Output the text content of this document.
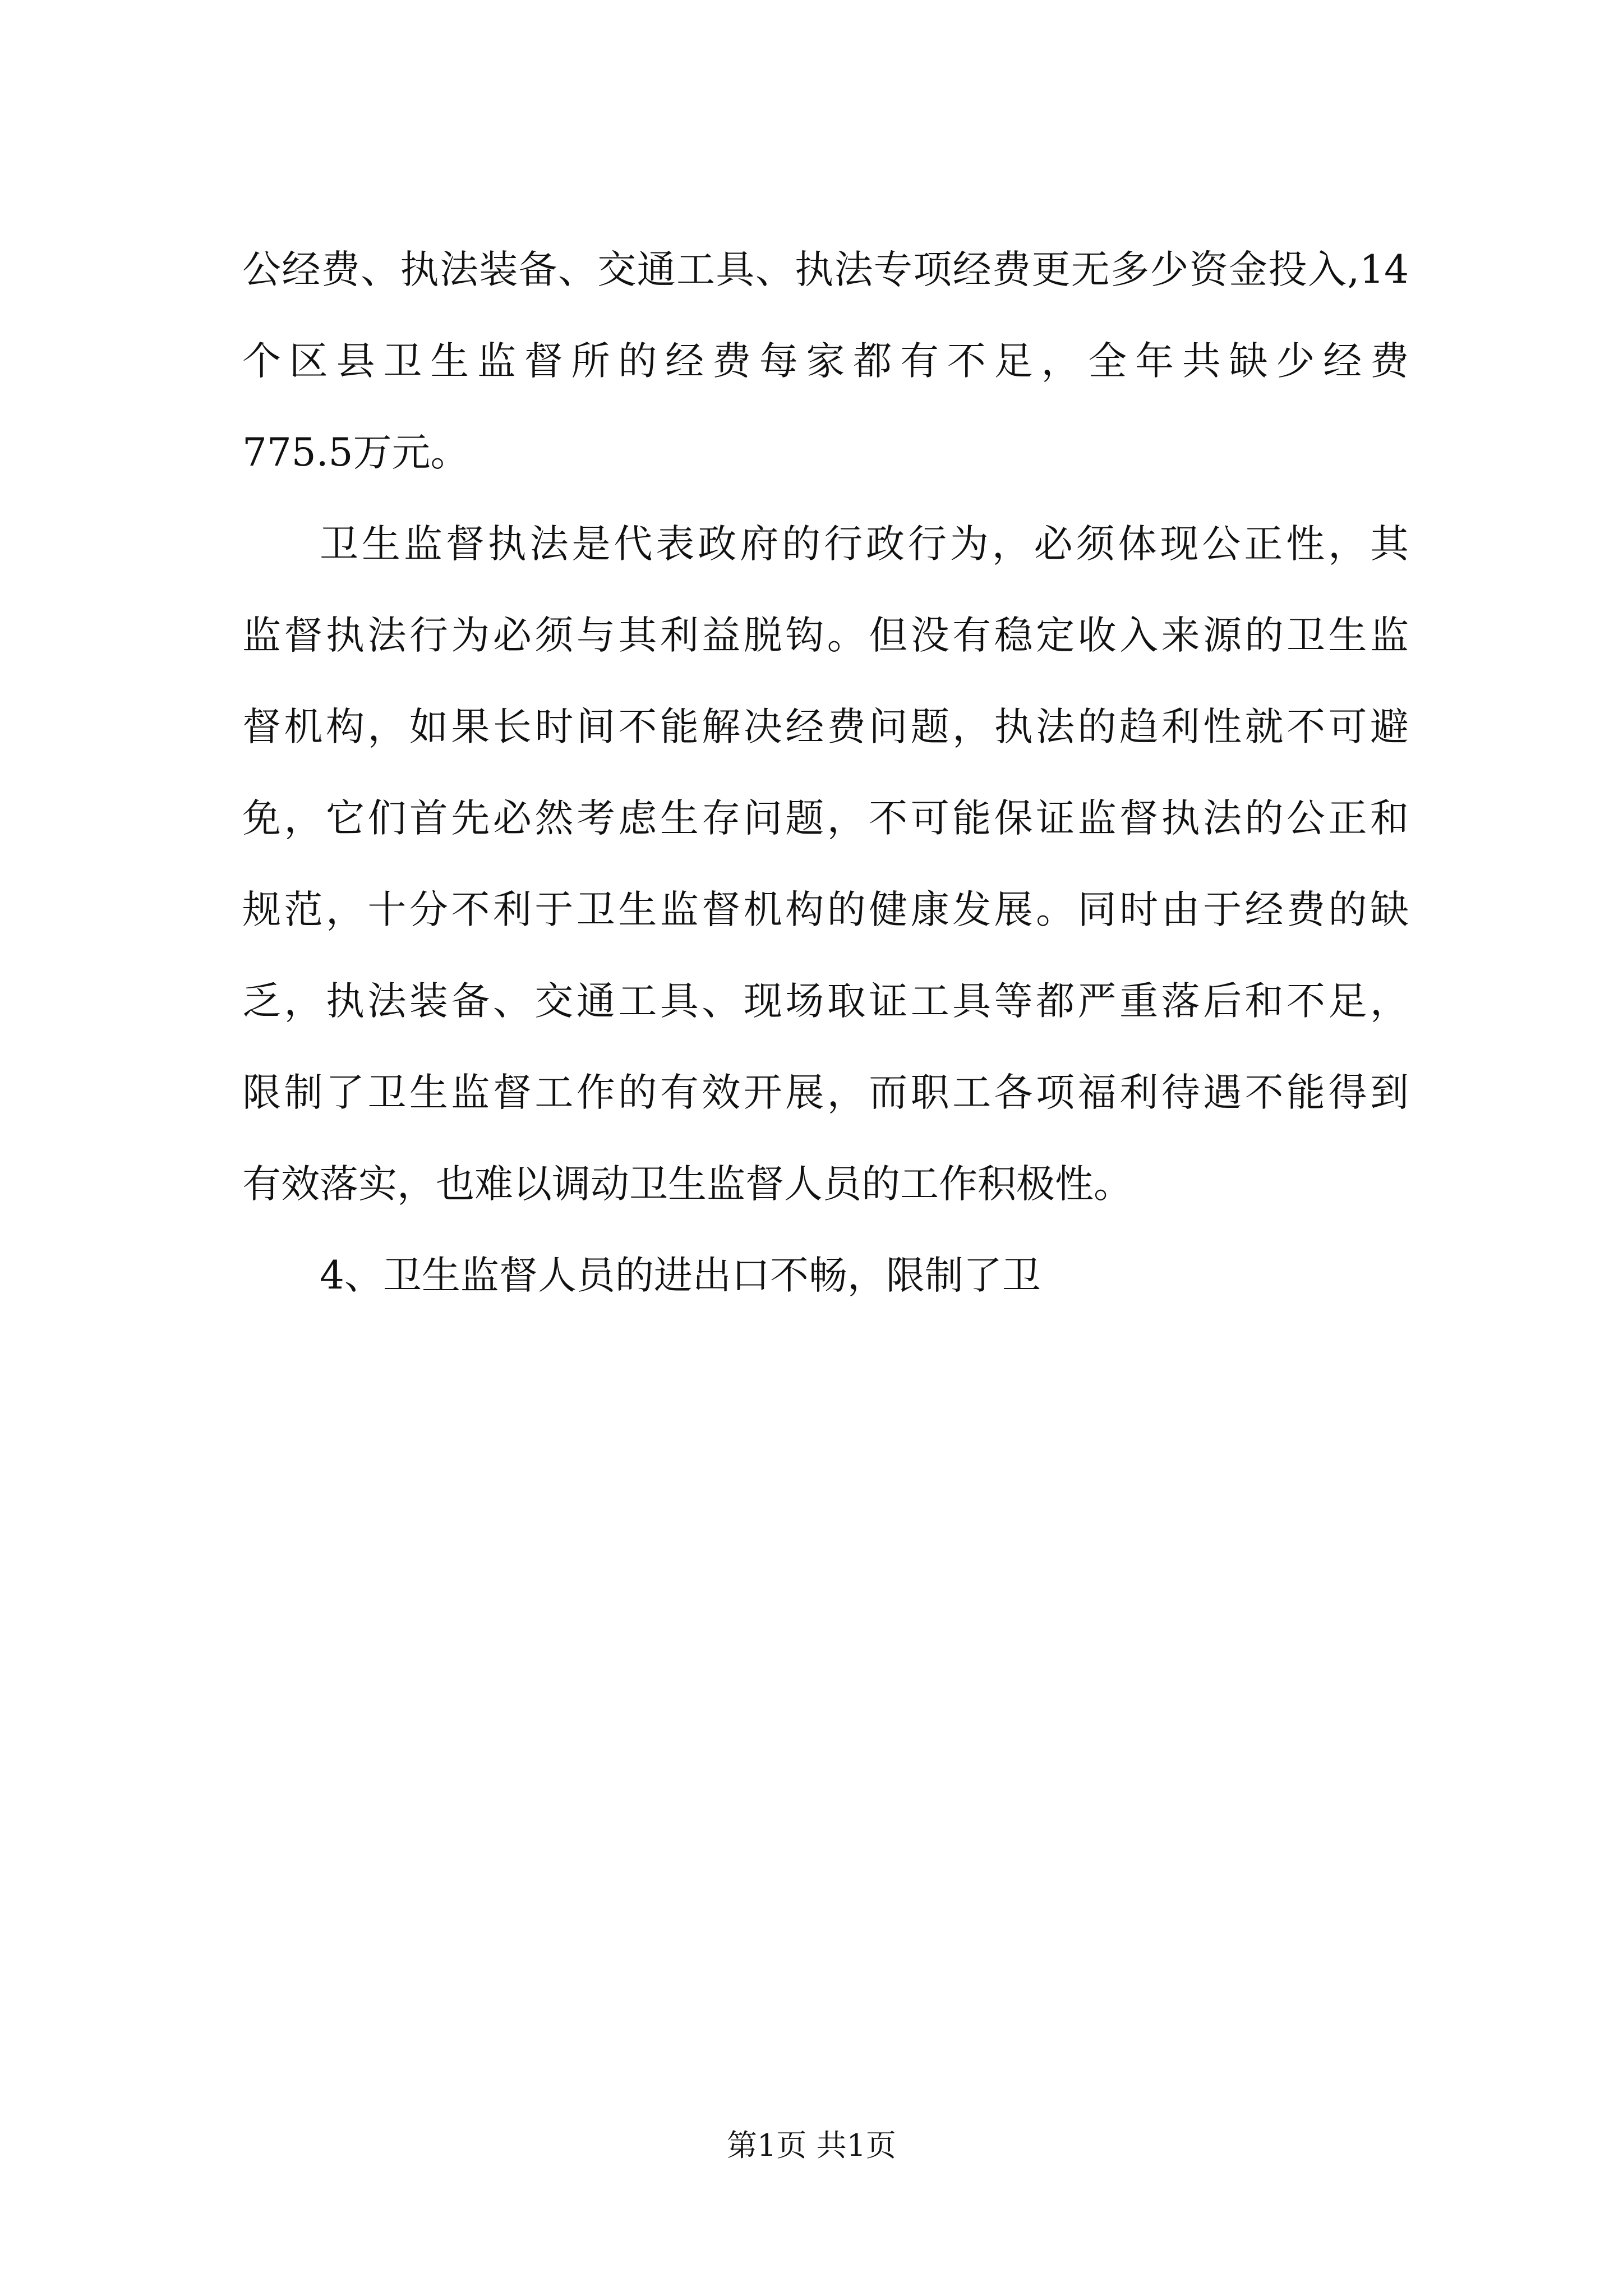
公经费、执法装备、交通工具、执法专项经费更无多少资金投入,14
个区县卫生监督所的经费每家都有不足，全年共缺少经费
775.5万元。
卫生监督执法是代表政府的行政行为，必须体现公正性，其
监督执法行为必须与其利益脱钩。但没有稳定收入来源的卫生监
督机构，如果长时间不能解决经费问题，执法的趋利性就不可避
免，它们首先必然考虑生存问题，不可能保证监督执法的公正和
规范，十分不利于卫生监督机构的健康发展。同时由于经费的缺
乏，执法装备、交通工具、现场取证工具等都严重落后和不足，
限制了卫生监督工作的有效开展，而职工各项福利待遇不能得到
有效落实，也难以调动卫生监督人员的工作积极性。
4、卫生监督人员的进出口不畅，限制了卫
第1页 共1页
